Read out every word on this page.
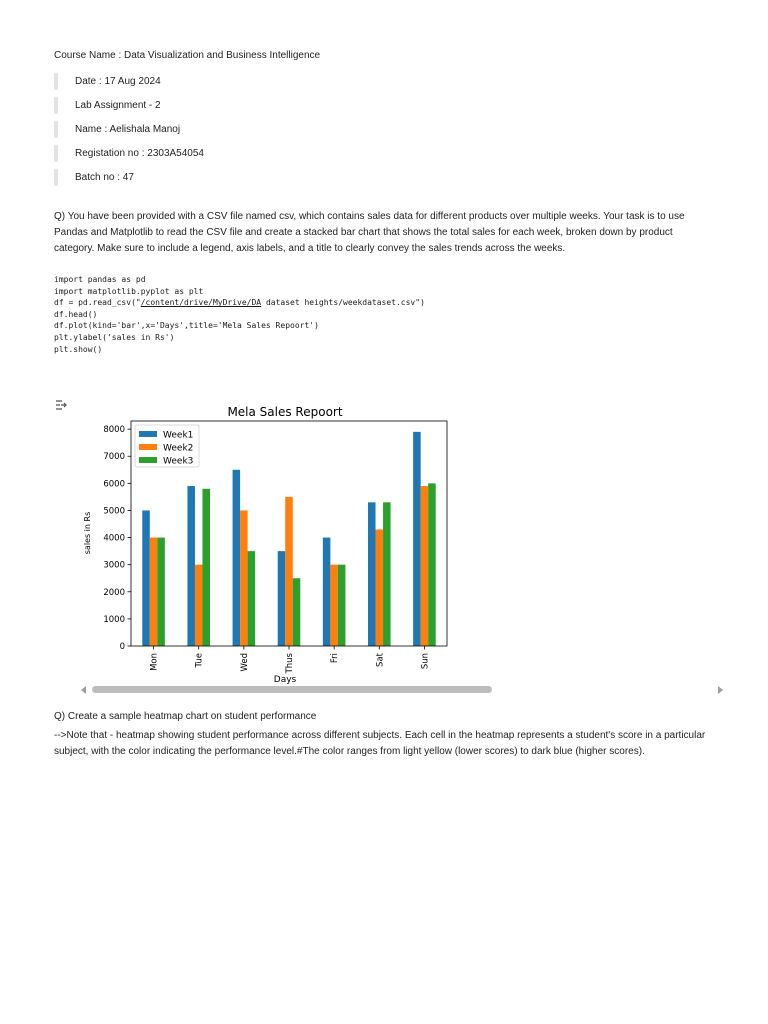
Course Name : Data Visualization and Business Intelligence
Date : 17 Aug 2024
Lab Assignment - 2
Name : Aelishala Manoj
Registation no : 2303A54054
Batch no : 47
Q) You have been provided with a CSV file named csv, which contains sales data for different products over multiple weeks. Your task is to use Pandas and Matplotlib to read the CSV file and create a stacked bar chart that shows the total sales for each week, broken down by product category. Make sure to include a legend, axis labels, and a title to clearly convey the sales trends across the weeks.
import pandas as pd
import matplotlib.pyplot as plt
df = pd.read_csv("/content/drive/MyDrive/DA dataset heights/weekdataset.csv")
df.head()
df.plot(kind='bar',x='Days',title='Mela Sales Repoort')
plt.ylabel('sales in Rs')
plt.show()
Mela Sales Repoort
0
1000
2000
3000
4000
5000
6000
7000
8000
Mon	Tue	Wed	Thus	Fri	Sat	Sun
Days
sales in Rs
Week1
Week2
Week3
Q) Create a sample heatmap chart on student performance
-->Note that - heatmap showing student performance across different subjects. Each cell in the heatmap represents a student's score in a particular subject, with the color indicating the performance level.#The color ranges from light yellow (lower scores) to dark blue (higher scores).
